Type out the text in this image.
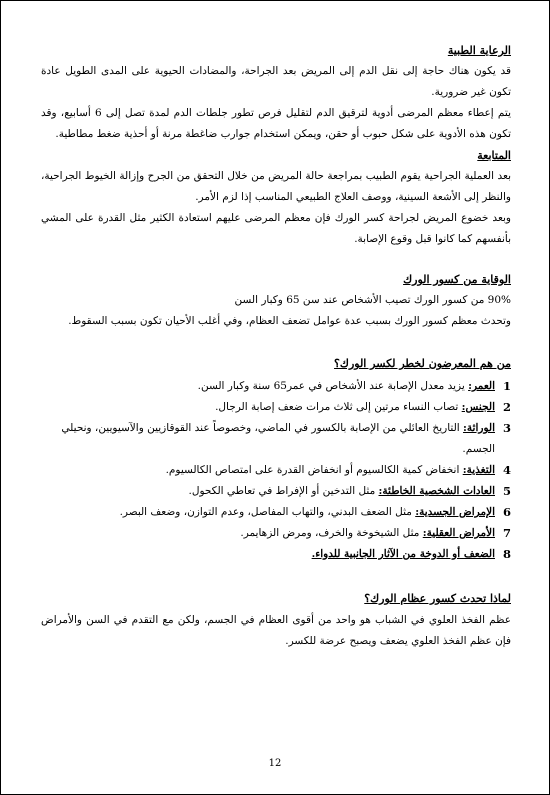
الرعاية الطبية

قد يكون هناك حاجة إلى نقل الدم إلى المريض بعد الجراحة، والمضادات الحيوية على المدى الطويل عادة تكون غير ضرورية.

يتم إعطاء معظم المرضى أدوية لترقيق الدم لتقليل فرص تطور جلطات الدم لمدة تصل إلى 6 أسابيع، وقد تكون هذه الأدوية على شكل حبوب أو حقن، ويمكن استخدام جوارب ضاغطة مرنة أو أحذية ضغط مطاطية.

المتابعة

بعد العملية الجراحية يقوم الطبيب بمراجعة حالة المريض من خلال التحقق من الجرح وإزالة الخيوط الجراحية، والنظر إلى الأشعة السينية، ووصف العلاج الطبيعي المناسب إذا لزم الأمر.

وبعد خضوع المريض لجراحة كسر الورك فإن معظم المرضى عليهم استعادة الكثير مثل القدرة على المشي بأنفسهم كما كانوا قبل وقوع الإصابة.

الوقاية من كسور الورك

90% من كسور الورك تصيب الأشخاص عند سن 65 وكبار السن

وتحدث معظم كسور الورك بسبب عدة عوامل تضعف العظام، وفي أغلب الأحيان تكون بسبب السقوط.

من هم المعرضون لخطر لكسر الورك؟
1
العمر: يزيد معدل الإصابة عند الأشخاص في عمر65 سنة وكبار السن.
2
الجنس: تصاب النساء مرتين إلى ثلاث مرات ضعف إصابة الرجال.
3
الوراثة: التاريخ العائلي من الإصابة بالكسور في الماضي، وخصوصاً عند القوقازيين والآسيويين، ونحيلي الجسم.
4
التغذية: انخفاض كمية الكالسيوم أو انخفاض القدرة على امتصاص الكالسيوم.
5
العادات الشخصية الخاطئة: مثل التدخين أو الإفراط في تعاطي الكحول.
6
الإمراض الجسدية: مثل الضعف البدني، والتهاب المفاصل، وعدم التوازن، وضعف البصر.
7
الأمراض العقلية: مثل الشيخوخة والخرف، ومرض الزهايمر.
8
الضعف أو الدوخة من الآثار الجانبية للدواء.
لماذا تحدث كسور عظام الورك؟

عظم الفخذ العلوي في الشباب هو واحد من أقوى العظام في الجسم، ولكن مع التقدم في السن والأمراض فإن عظم الفخذ العلوي يضعف ويصبح عرضة للكسر.

12
